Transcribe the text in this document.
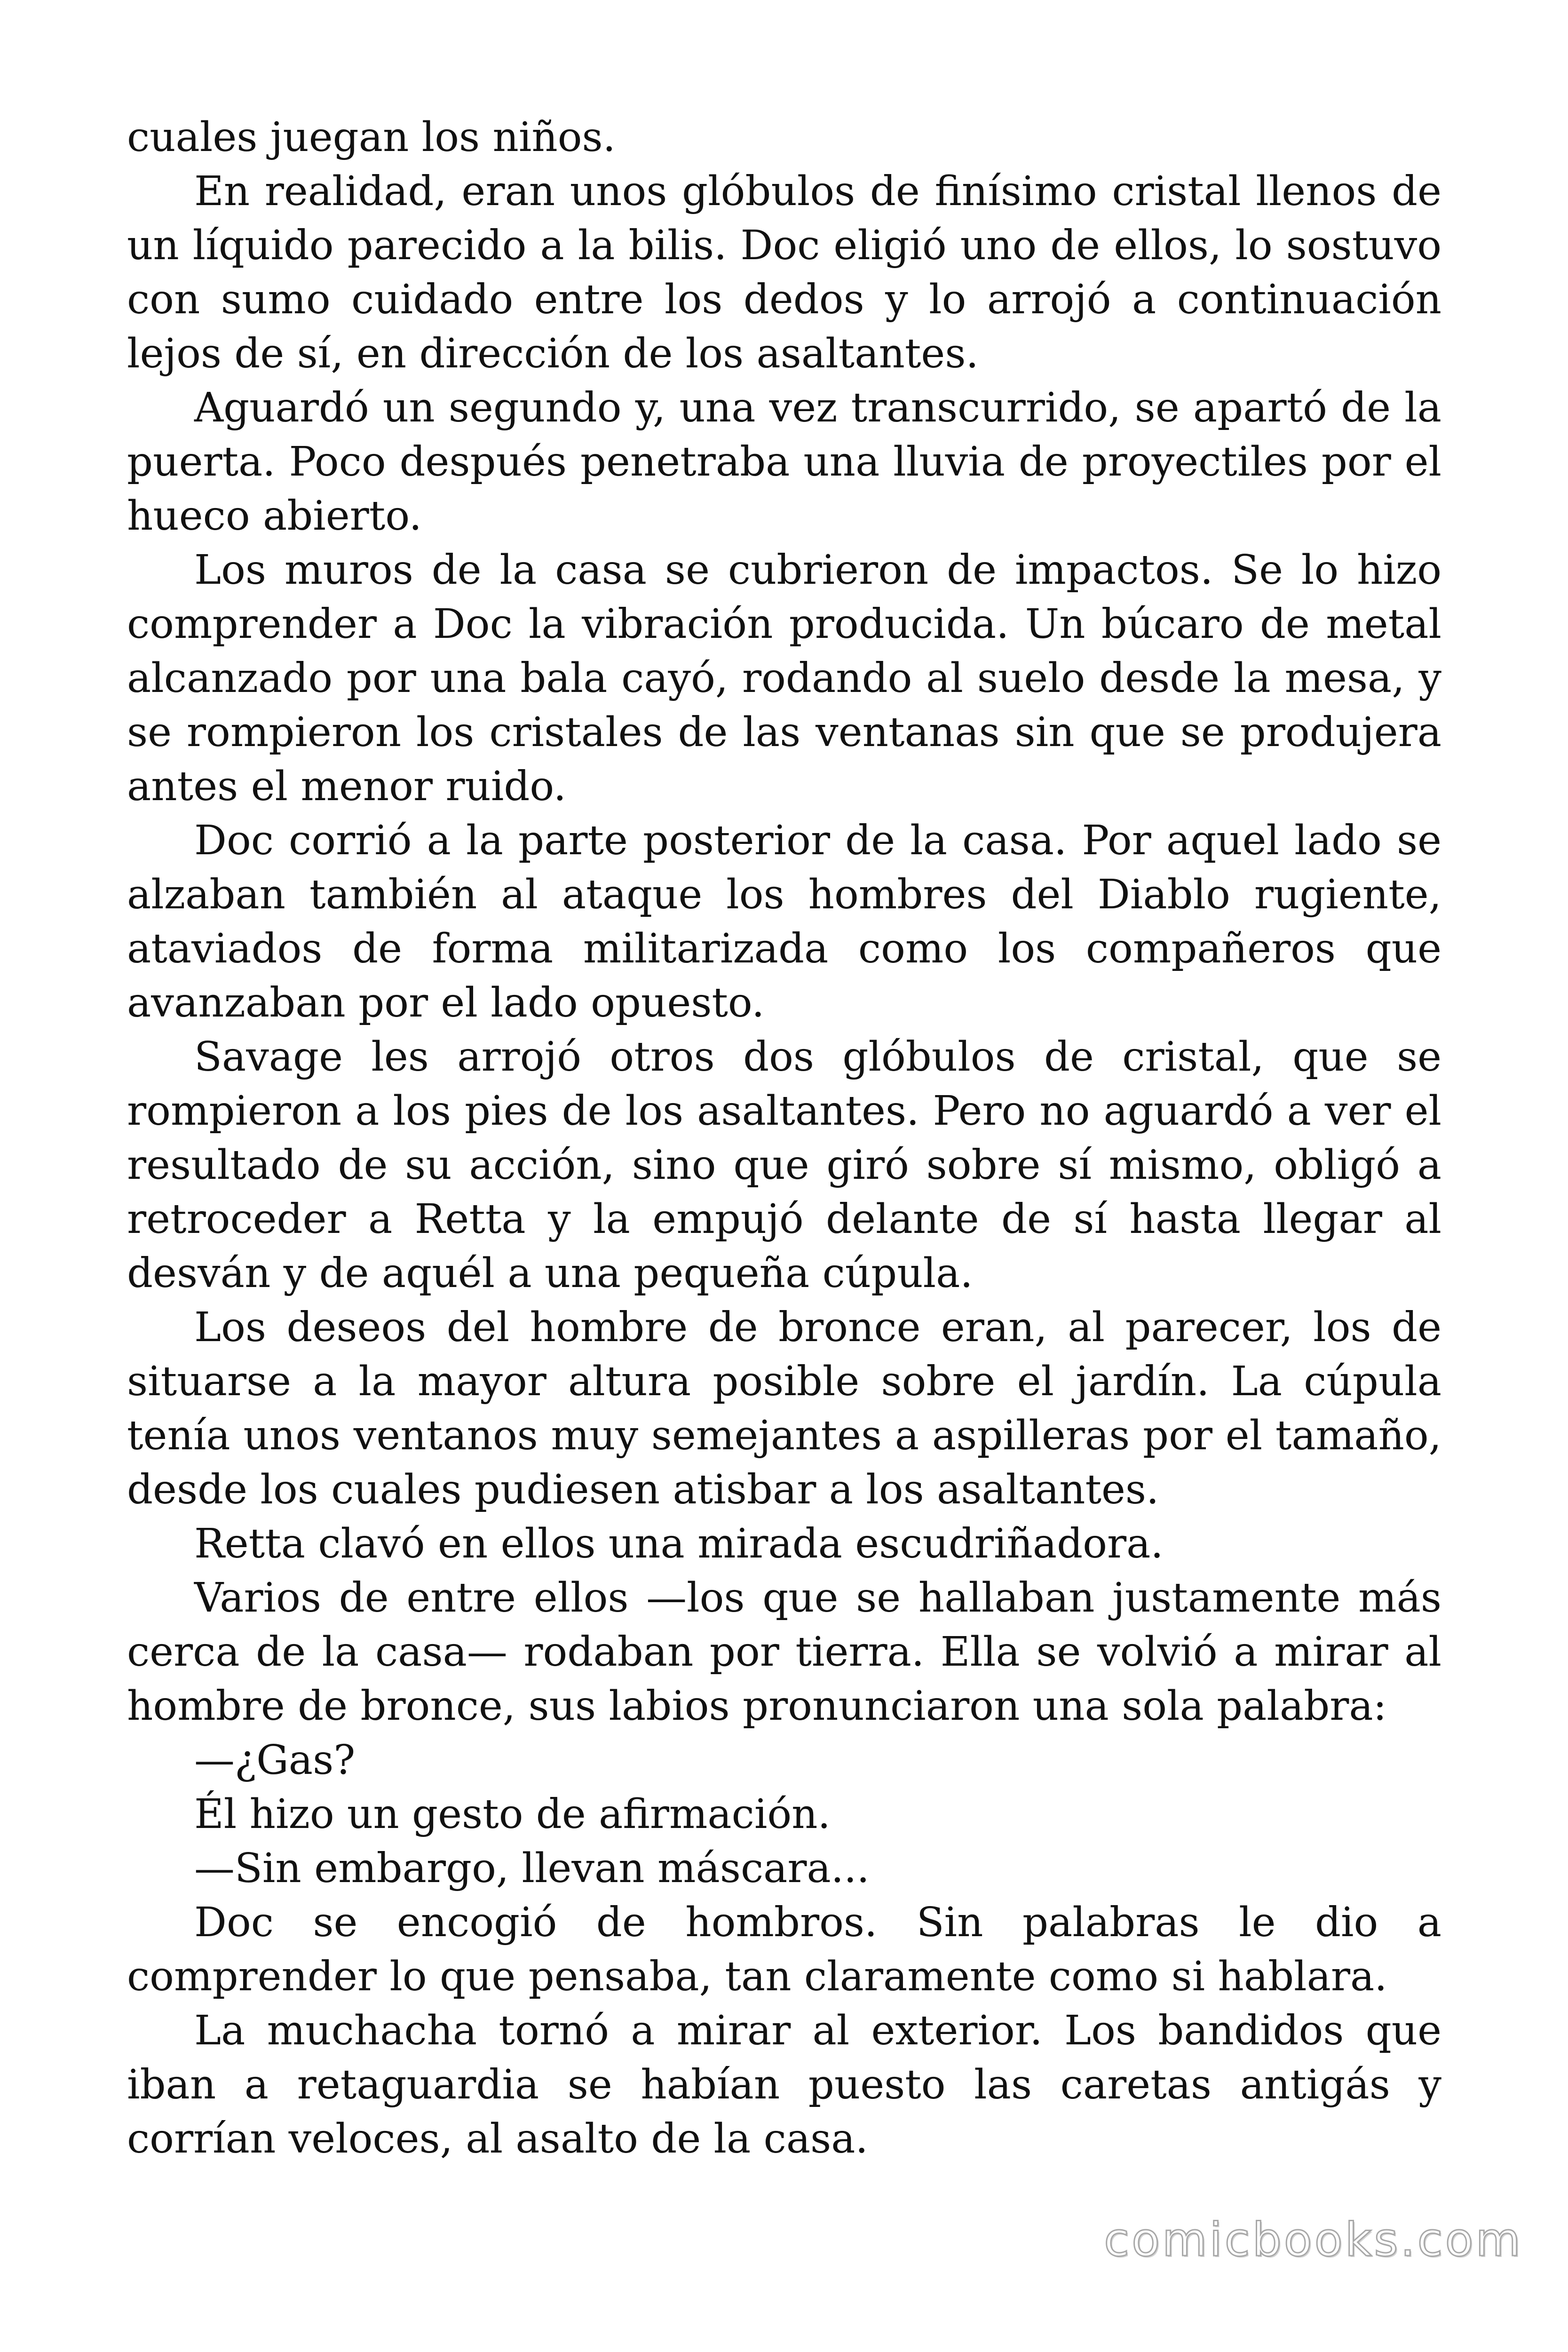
cuales juegan los niños.

En realidad, eran unos glóbulos de finísimo cristal llenos de un líquido parecido a la bilis. Doc eligió uno de ellos, lo sostuvo con sumo cuidado entre los dedos y lo arrojó a continuación lejos de sí, en dirección de los asaltantes.

Aguardó un segundo y, una vez transcurrido, se apartó de la puerta. Poco después penetraba una lluvia de proyectiles por el hueco abierto.

Los muros de la casa se cubrieron de impactos. Se lo hizo comprender a Doc la vibración producida. Un búcaro de metal alcanzado por una bala cayó, rodando al suelo desde la mesa, y se rompieron los cristales de las ventanas sin que se produjera antes el menor ruido.

Doc corrió a la parte posterior de la casa. Por aquel lado se alzaban también al ataque los hombres del Diablo rugiente, ataviados de forma militarizada como los compañeros que avanzaban por el lado opuesto.

Savage les arrojó otros dos glóbulos de cristal, que se rompieron a los pies de los asaltantes. Pero no aguardó a ver el resultado de su acción, sino que giró sobre sí mismo, obligó a retroceder a Retta y la empujó delante de sí hasta llegar al desván y de aquél a una pequeña cúpula.

Los deseos del hombre de bronce eran, al parecer, los de situarse a la mayor altura posible sobre el jardín. La cúpula tenía unos ventanos muy semejantes a aspilleras por el tamaño, desde los cuales pudiesen atisbar a los asaltantes.

Retta clavó en ellos una mirada escudriñadora.

Varios de entre ellos —los que se hallaban justamente más cerca de la casa— rodaban por tierra. Ella se volvió a mirar al hombre de bronce, sus labios pronunciaron una sola palabra:

—¿Gas?

Él hizo un gesto de afirmación.

—Sin embargo, llevan máscara...

Doc se encogió de hombros. Sin palabras le dio a comprender lo que pensaba, tan claramente como si hablara.

La muchacha tornó a mirar al exterior. Los bandidos que iban a retaguardia se habían puesto las caretas antigás y corrían veloces, al asalto de la casa.

comicbooks.com
